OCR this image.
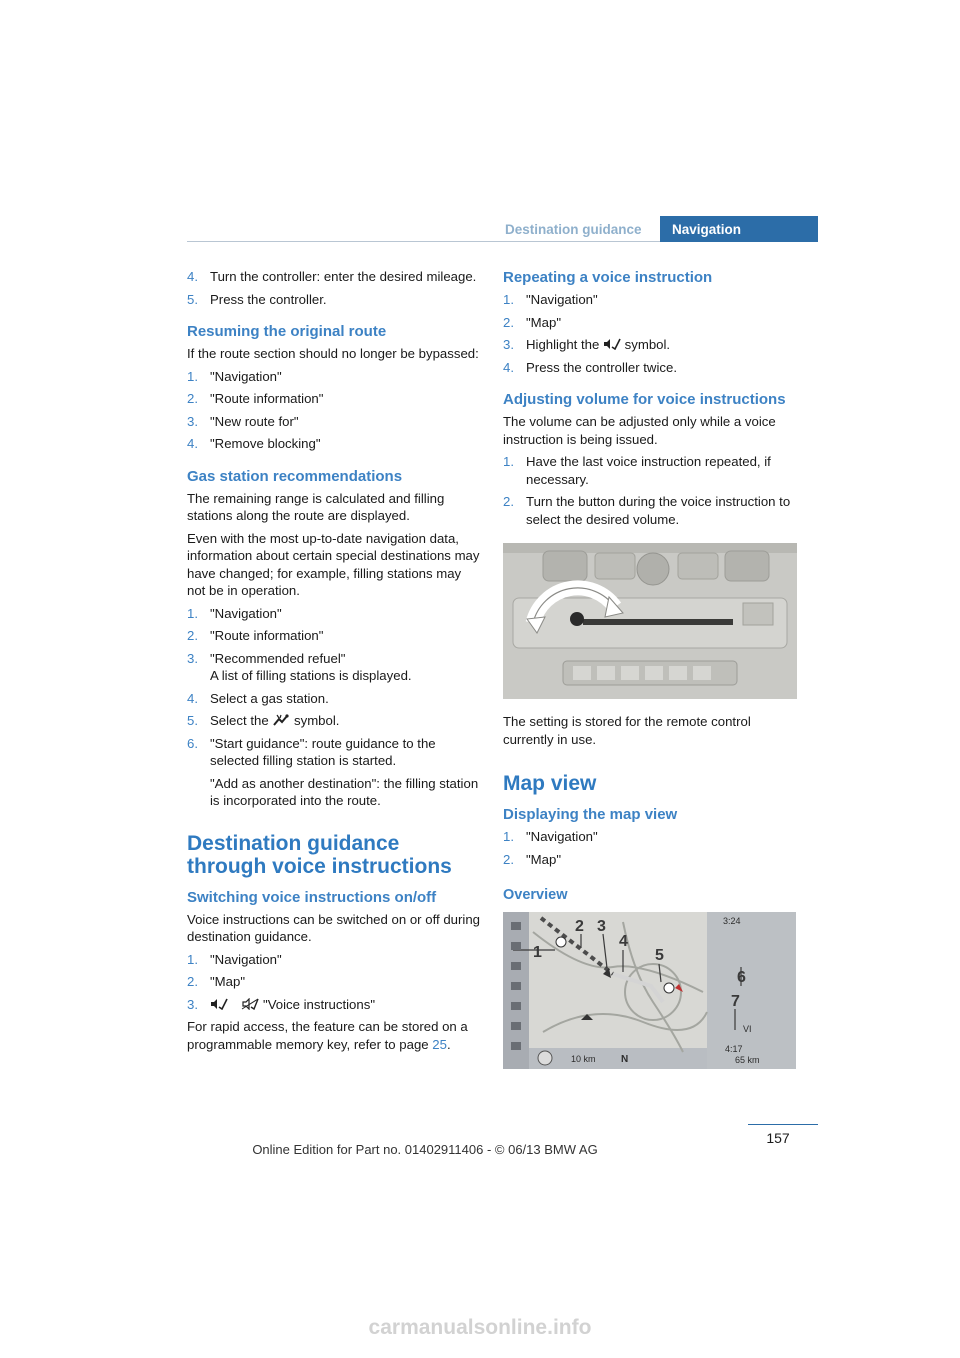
Destination guidance	Navigation
4. Turn the controller: enter the desired mileage.
5. Press the controller.
Resuming the original route
If the route section should no longer be bypassed:
1. "Navigation"
2. "Route information"
3. "New route for"
4. "Remove blocking"
Gas station recommendations
The remaining range is calculated and filling stations along the route are displayed.
Even with the most up-to-date navigation data, information about certain special destinations may have changed; for example, filling stations may not be in operation.
1. "Navigation"
2. "Route information"
3. "Recommended refuel"
A list of filling stations is displayed.
4. Select a gas station.
5. Select the symbol.
6. "Start guidance": route guidance to the selected filling station is started.
"Add as another destination": the filling station is incorporated into the route.
Destination guidance through voice instructions
Switching voice instructions on/off
Voice instructions can be switched on or off during destination guidance.
1. "Navigation"
2. "Map"
3.	"Voice instructions"
For rapid access, the feature can be stored on a programmable memory key, refer to page 25.
Repeating a voice instruction
1. "Navigation"
2. "Map"
3. Highlight the symbol.
4. Press the controller twice.
Adjusting volume for voice instructions
The volume can be adjusted only while a voice instruction is being issued.
1. Have the last voice instruction repeated, if necessary.
2. Turn the button during the voice instruction to select the desired volume.
The setting is stored for the remote control currently in use.
Map view
Displaying the map view
1. "Navigation"
2. "Map"
Overview
1
2 3
4
5
6
7
3:24
4:17
65 km
10 km
VI
N
157
Online Edition for Part no. 01402911406 - © 06/13 BMW AG
carmanualsonline.info
